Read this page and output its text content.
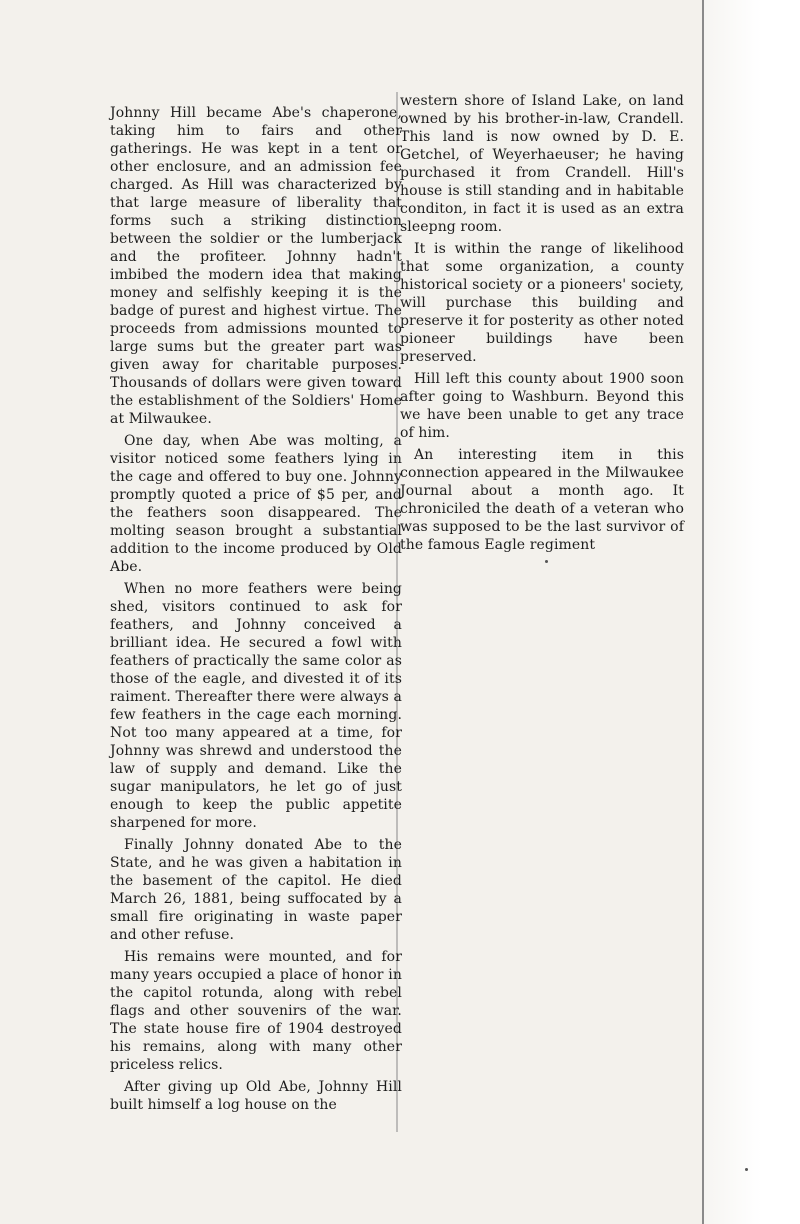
Johnny Hill became Abe's chaperone, taking him to fairs and other gatherings. He was kept in a tent or other enclosure, and an admission fee charged. As Hill was characterized by that large measure of liberality that forms such a striking distinction between the soldier or the lumberjack and the profiteer. Johnny hadn't imbibed the modern idea that making money and selfishly keeping it is the badge of purest and highest virtue. The proceeds from admissions mounted to large sums but the greater part was given away for charitable purposes. Thousands of dollars were given toward the establishment of the Soldiers' Home at Milwaukee.

One day, when Abe was molting, a visitor noticed some feathers lying in the cage and offered to buy one. Johnny promptly quoted a price of $5 per, and the feathers soon disappeared. The molting season brought a substantial addition to the income produced by Old Abe.

When no more feathers were being shed, visitors continued to ask for feathers, and Johnny conceived a brilliant idea. He secured a fowl with feathers of practically the same color as those of the eagle, and divested it of its raiment. Thereafter there were always a few feathers in the cage each morning. Not too many appeared at a time, for Johnny was shrewd and understood the law of supply and demand. Like the sugar manipulators, he let go of just enough to keep the public appetite sharpened for more.

Finally Johnny donated Abe to the State, and he was given a habitation in the basement of the capitol. He died March 26, 1881, being suffocated by a small fire originating in waste paper and other refuse.

His remains were mounted, and for many years occupied a place of honor in the capitol rotunda, along with rebel flags and other souvenirs of the war. The state house fire of 1904 destroyed his remains, along with many other priceless relics.

After giving up Old Abe, Johnny Hill built himself a log house on the

western shore of Island Lake, on land owned by his brother-in-law, Crandell. This land is now owned by D. E. Getchel, of Weyerhaeuser; he having purchased it from Crandell. Hill's house is still standing and in habitable conditon, in fact it is used as an extra sleepng room.

It is within the range of likelihood that some organization, a county historical society or a pioneers' society, will purchase this building and preserve it for posterity as other noted pioneer buildings have been preserved.

Hill left this county about 1900 soon after going to Washburn. Beyond this we have been unable to get any trace of him.

An interesting item in this connection appeared in the Milwaukee Journal about a month ago. It chroniciled the death of a veteran who was supposed to be the last survivor of the famous Eagle regiment
